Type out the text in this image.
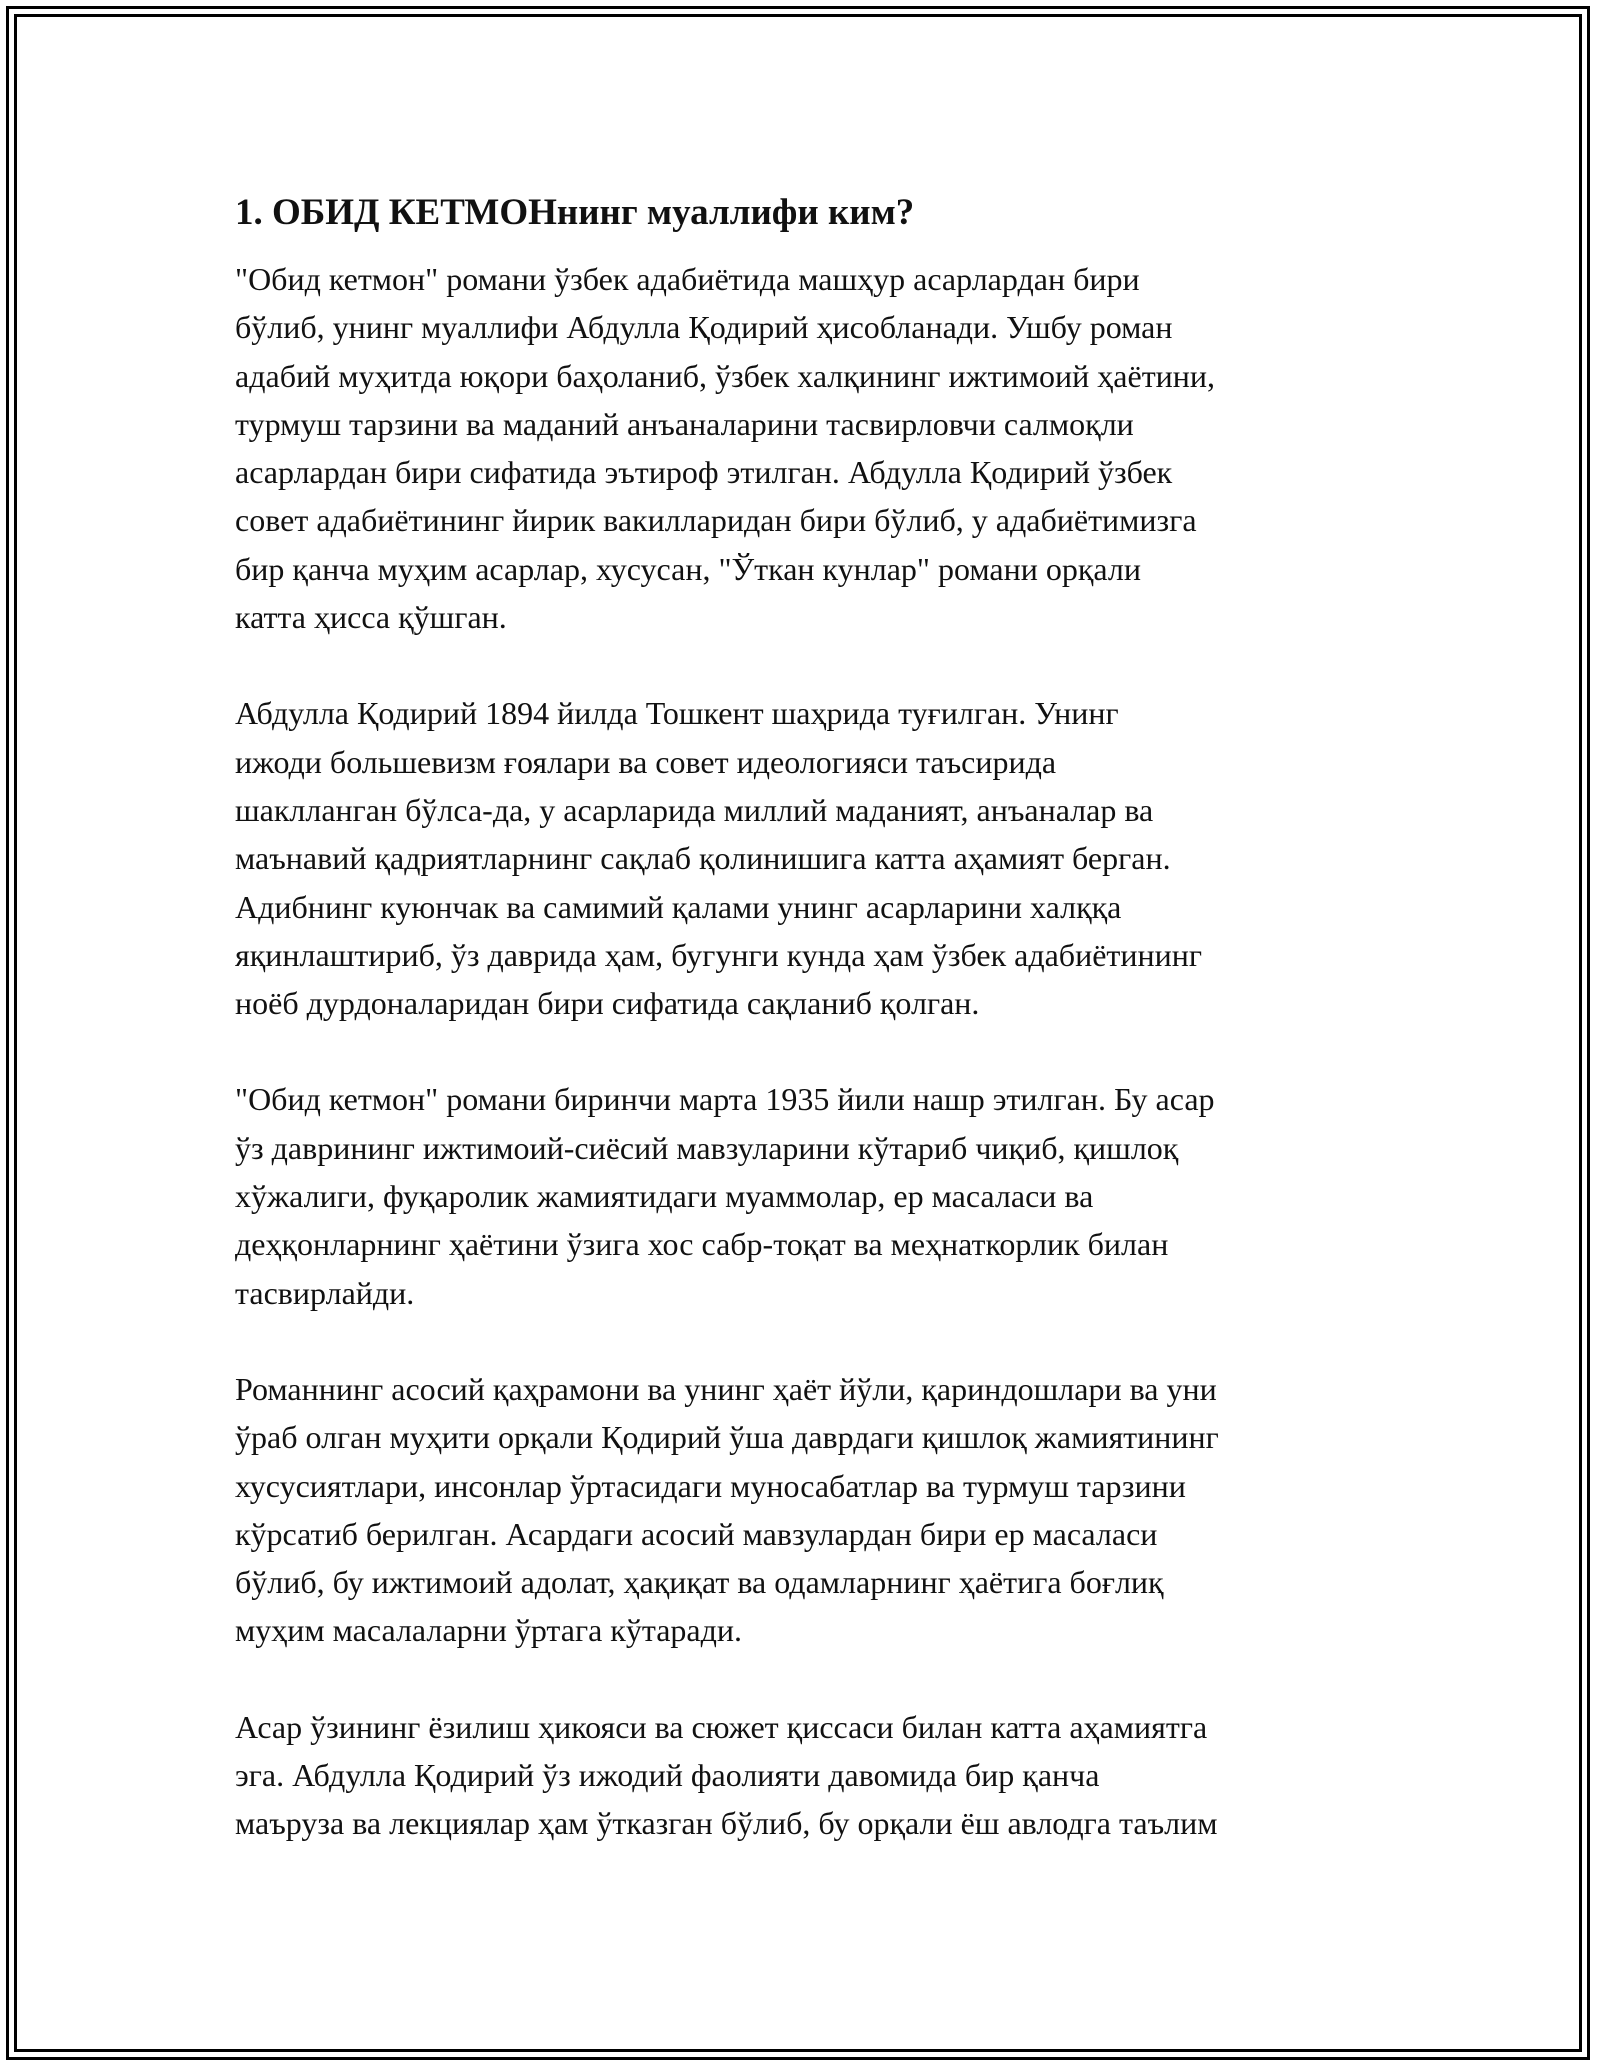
1. ОБИД КЕТМОНнинг муаллифи ким?

"Обид кетмон" романи ўзбек адабиётида машҳур асарлардан бири
бўлиб, унинг муаллифи Абдулла Қодирий ҳисобланади. Ушбу роман
адабий муҳитда юқори баҳоланиб, ўзбек халқининг ижтимоий ҳаётини,
турмуш тарзини ва маданий анъаналарини тасвирловчи салмоқли
асарлардан бири сифатида эътироф этилган. Абдулла Қодирий ўзбек
совет адабиётининг йирик вакилларидан бири бўлиб, у адабиётимизга
бир қанча муҳим асарлар, хусусан, "Ўткан кунлар" романи орқали
катта ҳисса қўшган.

Абдулла Қодирий 1894 йилда Тошкент шаҳрида туғилган. Унинг
ижоди большевизм ғоялари ва совет идеологияси таъсирида
шаклланган бўлса-да, у асарларида миллий маданият, анъаналар ва
маънавий қадриятларнинг сақлаб қолинишига катта аҳамият берган.
Адибнинг куюнчак ва самимий қалами унинг асарларини халққа
яқинлаштириб, ўз даврида ҳам, бугунги кунда ҳам ўзбек адабиётининг
ноёб дурдоналаридан бири сифатида сақланиб қолган.

"Обид кетмон" романи биринчи марта 1935 йили нашр этилган. Бу асар
ўз даврининг ижтимоий-сиёсий мавзуларини кўтариб чиқиб, қишлоқ
хўжалиги, фуқаролик жамиятидаги муаммолар, ер масаласи ва
деҳқонларнинг ҳаётини ўзига хос сабр-тоқат ва меҳнаткорлик билан
тасвирлайди.

Романнинг асосий қаҳрамони ва унинг ҳаёт йўли, қариндошлари ва уни
ўраб олган муҳити орқали Қодирий ўша даврдаги қишлоқ жамиятининг
хусусиятлари, инсонлар ўртасидаги муносабатлар ва турмуш тарзини
кўрсатиб берилган. Асардаги асосий мавзулардан бири ер масаласи
бўлиб, бу ижтимоий адолат, ҳақиқат ва одамларнинг ҳаётига боғлиқ
муҳим масалаларни ўртага кўтаради.

Асар ўзининг ёзилиш ҳикояси ва сюжет қиссаси билан катта аҳамиятга
эга. Абдулла Қодирий ўз ижодий фаолияти давомида бир қанча
маъруза ва лекциялар ҳам ўтказган бўлиб, бу орқали ёш авлодга таълим
